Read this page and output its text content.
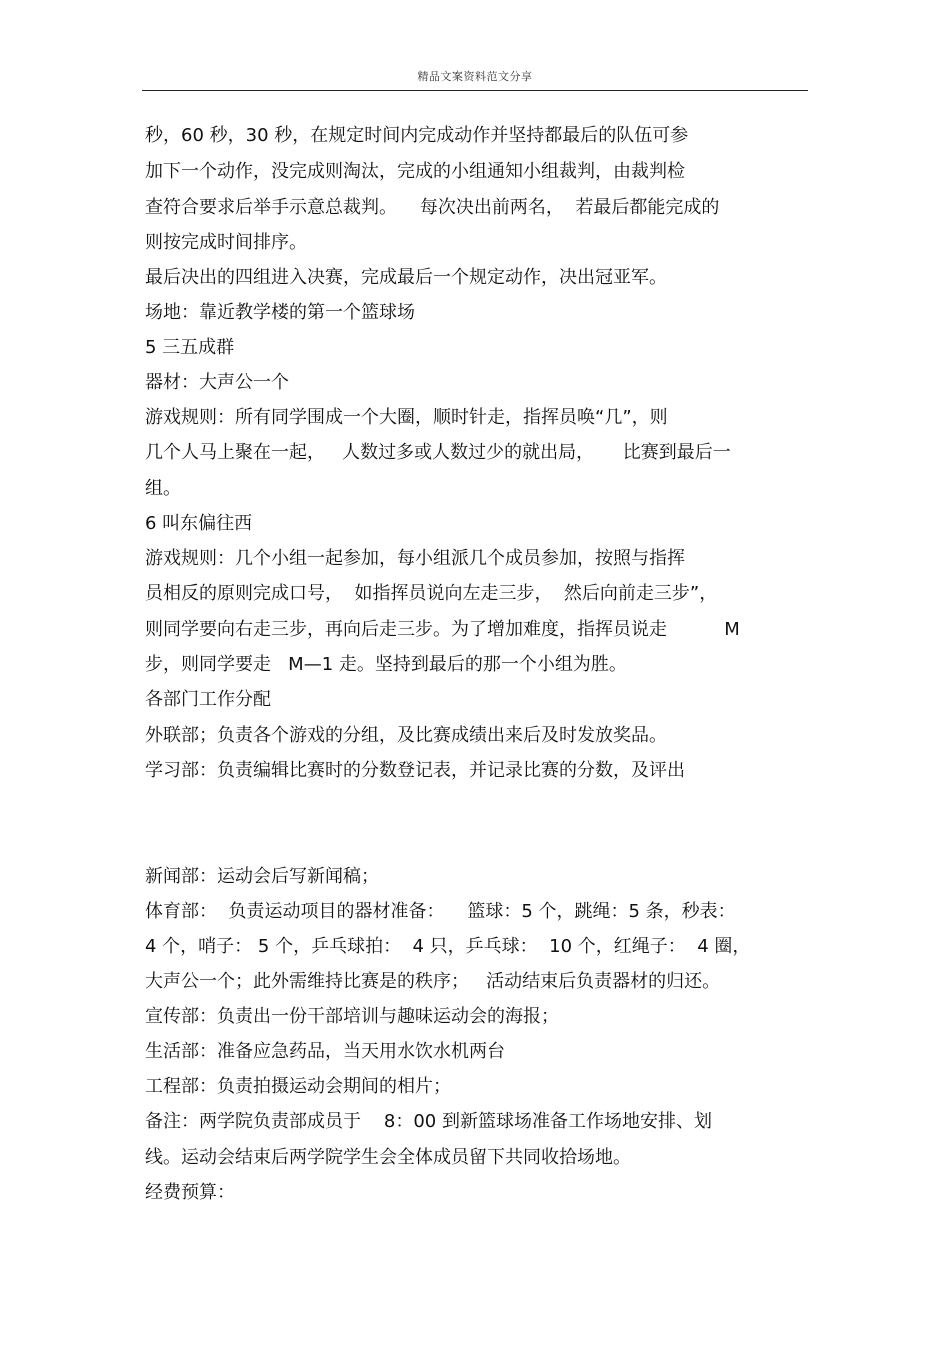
精品文案资料范文分享
秒，60 秒，30 秒，在规定时间内完成动作并坚持都最后的队伍可参
加下一个动作，没完成则淘汰，完成的小组通知小组裁判，由裁判检
查符合要求后举手示意总裁判。    每次决出前两名，  若最后都能完成的
则按完成时间排序。
最后决出的四组进入决赛，完成最后一个规定动作，决出冠亚军。
场地：靠近教学楼的第一个篮球场
5 三五成群
器材：大声公一个
游戏规则：所有同学围成一个大圈，顺时针走，指挥员唤“几”，则
几个人马上聚在一起，   人数过多或人数过少的就出局，     比赛到最后一
组。
6 叫东偏往西
游戏规则：几个小组一起参加，每小组派几个成员参加，按照与指挥
员相反的原则完成口号，  如指挥员说向左走三步，  然后向前走三步”，
则同学要向右走三步，再向后走三步。为了增加难度，指挥员说走          M
步，则同学要走   M—1 走。坚持到最后的那一个小组为胜。
各部门工作分配
外联部；负责各个游戏的分组，及比赛成绩出来后及时发放奖品。
学习部：负责编辑比赛时的分数登记表，并记录比赛的分数，及评出
新闻部：运动会后写新闻稿；
体育部：  负责运动项目的器材准备：    篮球：5 个，跳绳：5 条，秒表：
4 个，哨子： 5 个，乒乓球拍：  4 只，乒乓球：  10 个，红绳子：  4 圈，
大声公一个；此外需维持比赛是的秩序；   活动结束后负责器材的归还。
宣传部：负责出一份干部培训与趣味运动会的海报；
生活部：准备应急药品，当天用水饮水机两台
工程部：负责拍摄运动会期间的相片；
备注：两学院负责部成员于    8：00 到新篮球场准备工作场地安排、划
线。运动会结束后两学院学生会全体成员留下共同收拾场地。
经费预算：
